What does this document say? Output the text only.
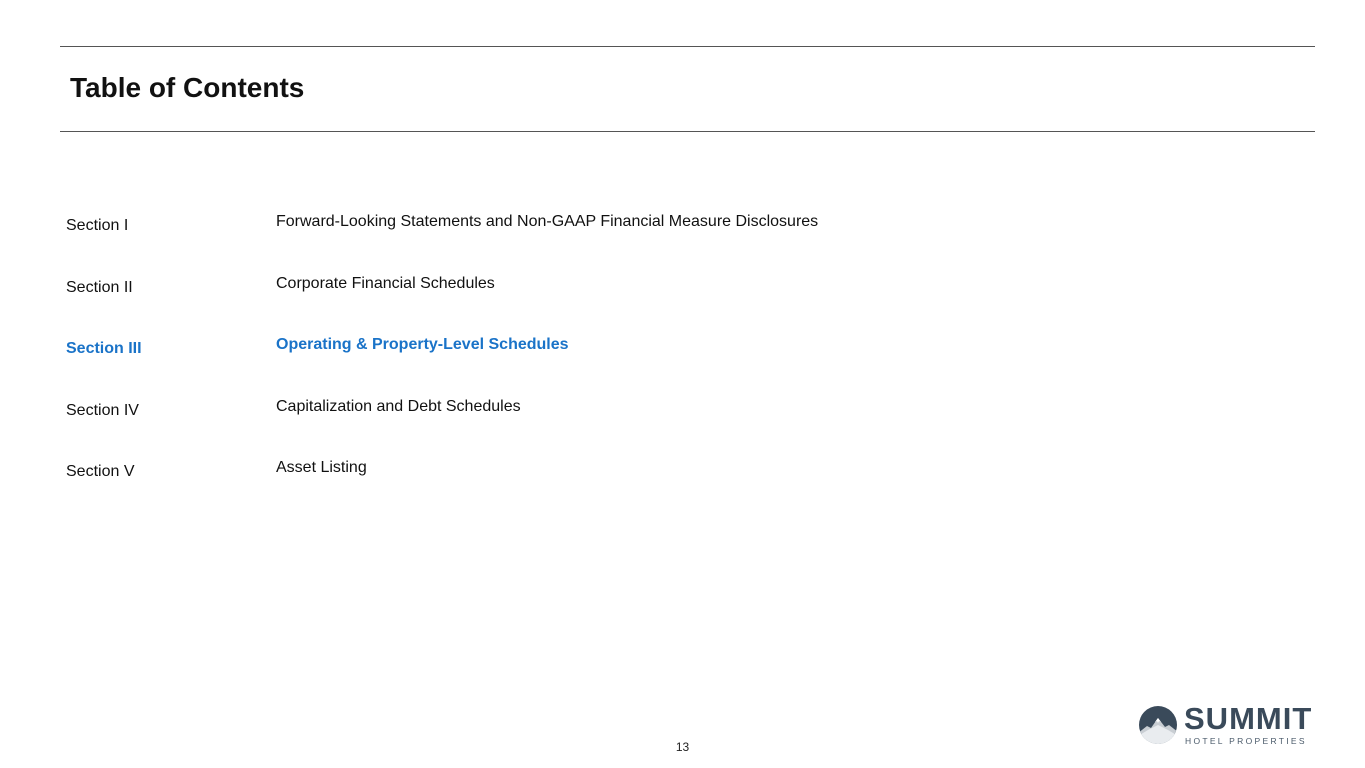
Table of Contents
Section I	Forward-Looking Statements and Non-GAAP Financial Measure Disclosures
Section II	Corporate Financial Schedules
Section III	Operating & Property-Level Schedules
Section IV	Capitalization and Debt Schedules
Section V	Asset Listing
13
SUMMIT
HOTEL PROPERTIES
